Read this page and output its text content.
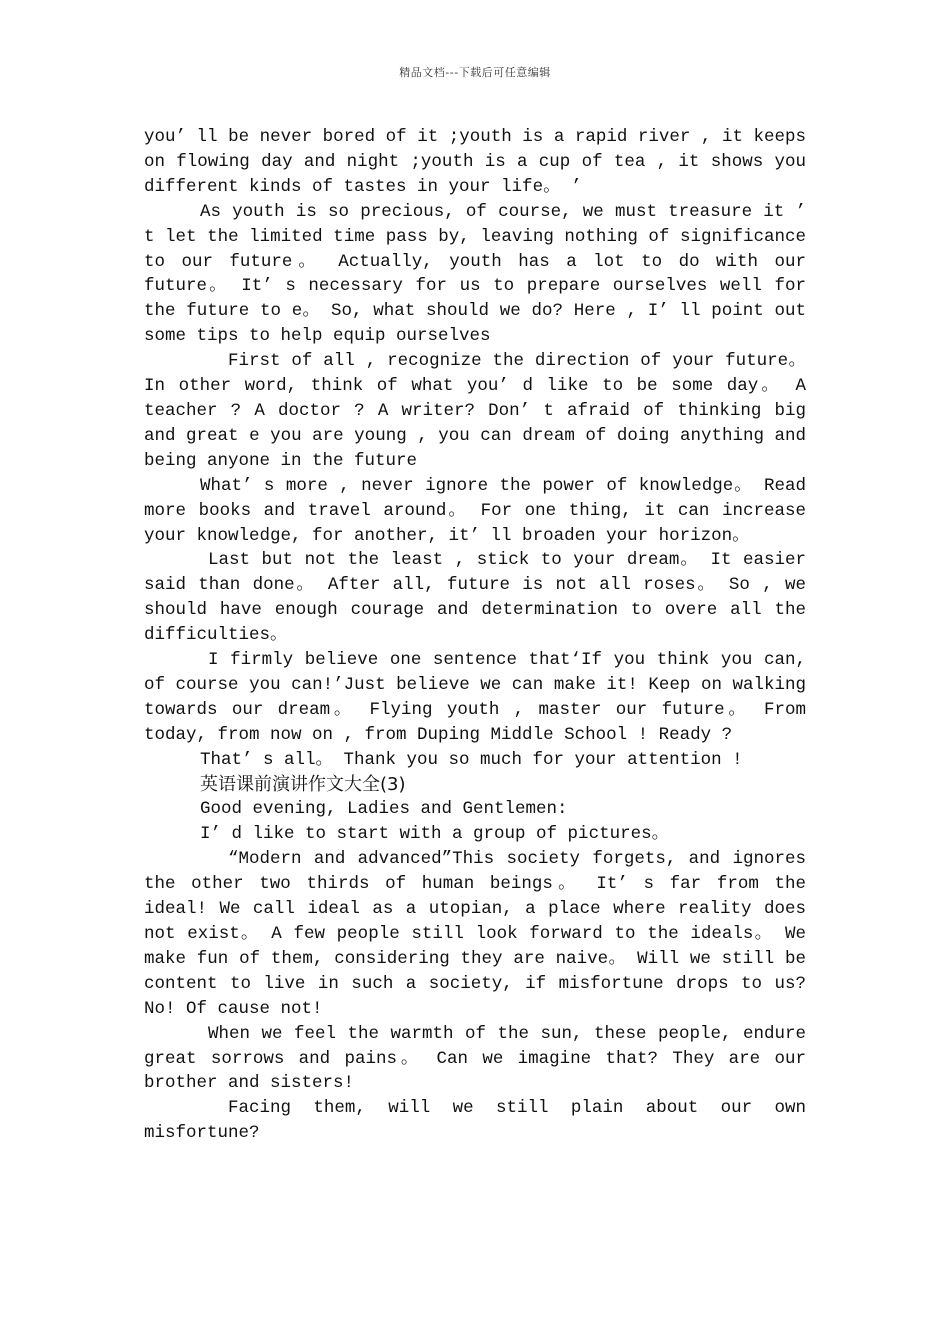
精品文档---下载后可任意编辑

you’ ll be never bored of it ;youth is a rapid river , it keeps on flowing day and night ;youth is a cup of tea , it shows you different kinds of tastes in your life。 ’

As youth is so precious, of course, we must treasure it ’ t let the limited time pass by, leaving nothing of significance to our future。 Actually, youth has a lot to do with our future。 It’ s necessary for us to prepare ourselves well for the future to e。 So, what should we do? Here , I’ ll point out some tips to help equip ourselves

First of all , recognize the direction of your future。 In other word, think of what you’ d like to be some day。 A teacher ? A doctor ? A writer? Don’ t afraid of thinking big and great e you are young , you can dream of doing anything and being anyone in the future

What’ s more , never ignore the power of knowledge。 Read more books and travel around。 For one thing, it can increase your knowledge, for another, it’ ll broaden your horizon。

Last but not the least , stick to your dream。 It easier said than done。 After all, future is not all roses。 So , we should have enough courage and determination to overe all the difficulties。

I firmly believe one sentence that‘If you think you can, of course you can!’Just believe we can make it! Keep on walking towards our dream。 Flying youth , master our future。 From today, from now on , from Duping Middle School ! Ready ?

That’ s all。 Thank you so much for your attention !

英语课前演讲作文大全(3)

Good evening, Ladies and Gentlemen:

I’ d like to start with a group of pictures。

“Modern and advanced”This society forgets, and ignores the other two thirds of human beings。 It’ s far from the ideal! We call ideal as a utopian, a place where reality does not exist。 A few people still look forward to the ideals。 We make fun of them, considering they are naive。 Will we still be content to live in such a society, if misfortune drops to us? No! Of cause not!

When we feel the warmth of the sun, these people, endure great sorrows and pains。 Can we imagine that? They are our brother and sisters!

Facing them, will we still plain about our own misfortune?
